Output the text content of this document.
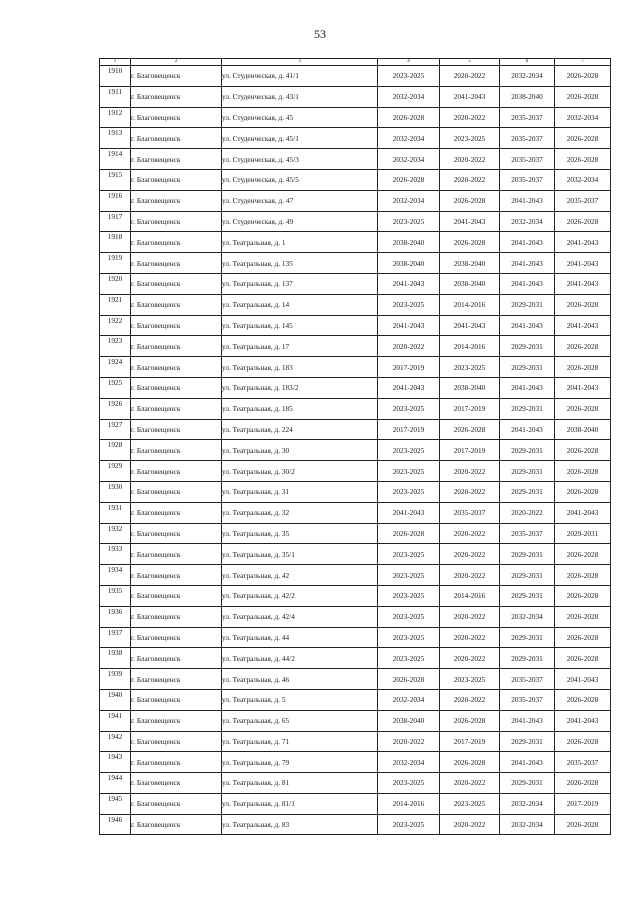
53
1	2	3	4	5	6	7
1910	г. Благовещенск	ул. Студенческая, д. 41/1	2023-2025	2020-2022	2032-2034	2026-2028
1911	г. Благовещенск	ул. Студенческая, д. 43/1	2032-2034	2041-2043	2038-2040	2026-2028
1912	г. Благовещенск	ул. Студенческая, д. 45	2026-2028	2020-2022	2035-2037	2032-2034
1913	г. Благовещенск	ул. Студенческая, д. 45/1	2032-2034	2023-2025	2035-2037	2026-2028
1914	г. Благовещенск	ул. Студенческая, д. 45/3	2032-2034	2020-2022	2035-2037	2026-2028
1915	г. Благовещенск	ул. Студенческая, д. 45/5	2026-2028	2020-2022	2035-2037	2032-2034
1916	г. Благовещенск	ул. Студенческая, д. 47	2032-2034	2026-2028	2041-2043	2035-2037
1917	г. Благовещенск	ул. Студенческая, д. 49	2023-2025	2041-2043	2032-2034	2026-2028
1918	г. Благовещенск	ул. Театральная, д. 1	2038-2040	2026-2028	2041-2043	2041-2043
1919	г. Благовещенск	ул. Театральная, д. 135	2038-2040	2038-2040	2041-2043	2041-2043
1920	г. Благовещенск	ул. Театральная, д. 137	2041-2043	2038-2040	2041-2043	2041-2043
1921	г. Благовещенск	ул. Театральная, д. 14	2023-2025	2014-2016	2029-2031	2026-2028
1922	г. Благовещенск	ул. Театральная, д. 145	2041-2043	2041-2043	2041-2043	2041-2043
1923	г. Благовещенск	ул. Театральная, д. 17	2020-2022	2014-2016	2029-2031	2026-2028
1924	г. Благовещенск	ул. Театральная, д. 183	2017-2019	2023-2025	2029-2031	2026-2028
1925	г. Благовещенск	ул. Театральная, д. 183/2	2041-2043	2038-2040	2041-2043	2041-2043
1926	г. Благовещенск	ул. Театральная, д. 185	2023-2025	2017-2019	2029-2031	2026-2028
1927	г. Благовещенск	ул. Театральная, д. 224	2017-2019	2026-2028	2041-2043	2038-2040
1928	г. Благовещенск	ул. Театральная, д. 30	2023-2025	2017-2019	2029-2031	2026-2028
1929	г. Благовещенск	ул. Театральная, д. 30/2	2023-2025	2020-2022	2029-2031	2026-2028
1930	г. Благовещенск	ул. Театральная, д. 31	2023-2025	2020-2022	2029-2031	2026-2028
1931	г. Благовещенск	ул. Театральная, д. 32	2041-2043	2035-2037	2020-2022	2041-2043
1932	г. Благовещенск	ул. Театральная, д. 35	2026-2028	2020-2022	2035-2037	2029-2031
1933	г. Благовещенск	ул. Театральная, д. 35/1	2023-2025	2020-2022	2029-2031	2026-2028
1934	г. Благовещенск	ул. Театральная, д. 42	2023-2025	2020-2022	2029-2031	2026-2028
1935	г. Благовещенск	ул. Театральная, д. 42/2	2023-2025	2014-2016	2029-2031	2026-2028
1936	г. Благовещенск	ул. Театральная, д. 42/4	2023-2025	2020-2022	2032-2034	2026-2028
1937	г. Благовещенск	ул. Театральная, д. 44	2023-2025	2020-2022	2029-2031	2026-2028
1938	г. Благовещенск	ул. Театральная, д. 44/2	2023-2025	2020-2022	2029-2031	2026-2028
1939	г. Благовещенск	ул. Театральная, д. 46	2026-2028	2023-2025	2035-2037	2041-2043
1940	г. Благовещенск	ул. Театральная, д. 5	2032-2034	2020-2022	2035-2037	2026-2028
1941	г. Благовещенск	ул. Театральная, д. 65	2038-2040	2026-2028	2041-2043	2041-2043
1942	г. Благовещенск	ул. Театральная, д. 71	2020-2022	2017-2019	2029-2031	2026-2028
1943	г. Благовещенск	ул. Театральная, д. 79	2032-2034	2026-2028	2041-2043	2035-2037
1944	г. Благовещенск	ул. Театральная, д. 81	2023-2025	2020-2022	2029-2031	2026-2028
1945	г. Благовещенск	ул. Театральная, д. 81/1	2014-2016	2023-2025	2032-2034	2017-2019
1946	г. Благовещенск	ул. Театральная, д. 83	2023-2025	2020-2022	2032-2034	2026-2028
